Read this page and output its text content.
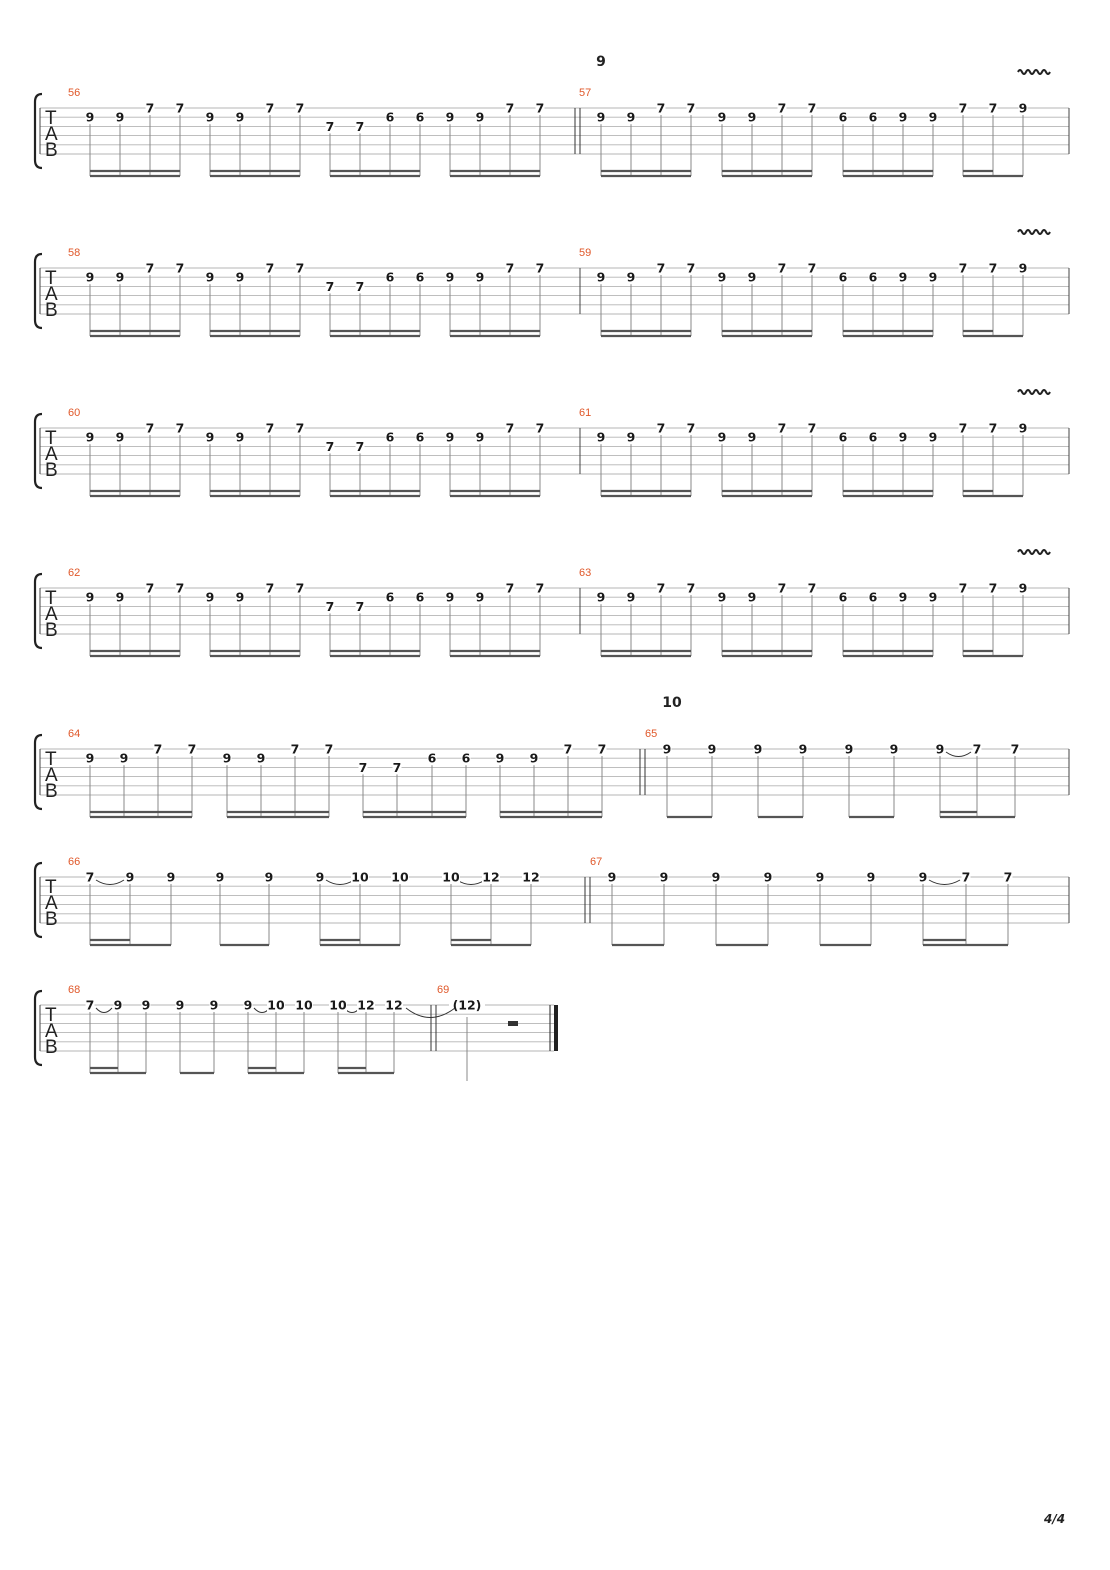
T
A
B
9
56
9 9
7 7
9 9
7 7
7 7
6 6 9 9
7 7
57
9 9
7 7
9 9
7 7
6 6 9 9
7 7 9
T
A
B
58
9 9
7 7
9 9
7 7
7 7
6 6 9 9
7 7
59
9 9
7 7
9 9
7 7
6 6 9 9
7 7 9
T
A
B
60
9 9
7 7
9 9
7 7
7 7
6 6 9 9
7 7
61
9 9
7 7
9 9
7 7
6 6 9 9
7 7 9
T
A
B
62
9 9
7 7
9 9
7 7
7 7
6 6 9 9
7 7
63
9 9
7 7
9 9
7 7
6 6 9 9
7 7 9
T
A
B
10
64
9 9
7 7
9 9
7 7
7 7
6 6 9 9
7 7
65
9	9	9	9	9	9	9 7 7
T
A
B
66
7	9	9	9	9	9 10 10	10 12 12
67
9	9	9	9	9	9	9	7	7
T
A
B
68
7 9 9 9 9 9 10 10 10 12 12
69
(12)
4/4
